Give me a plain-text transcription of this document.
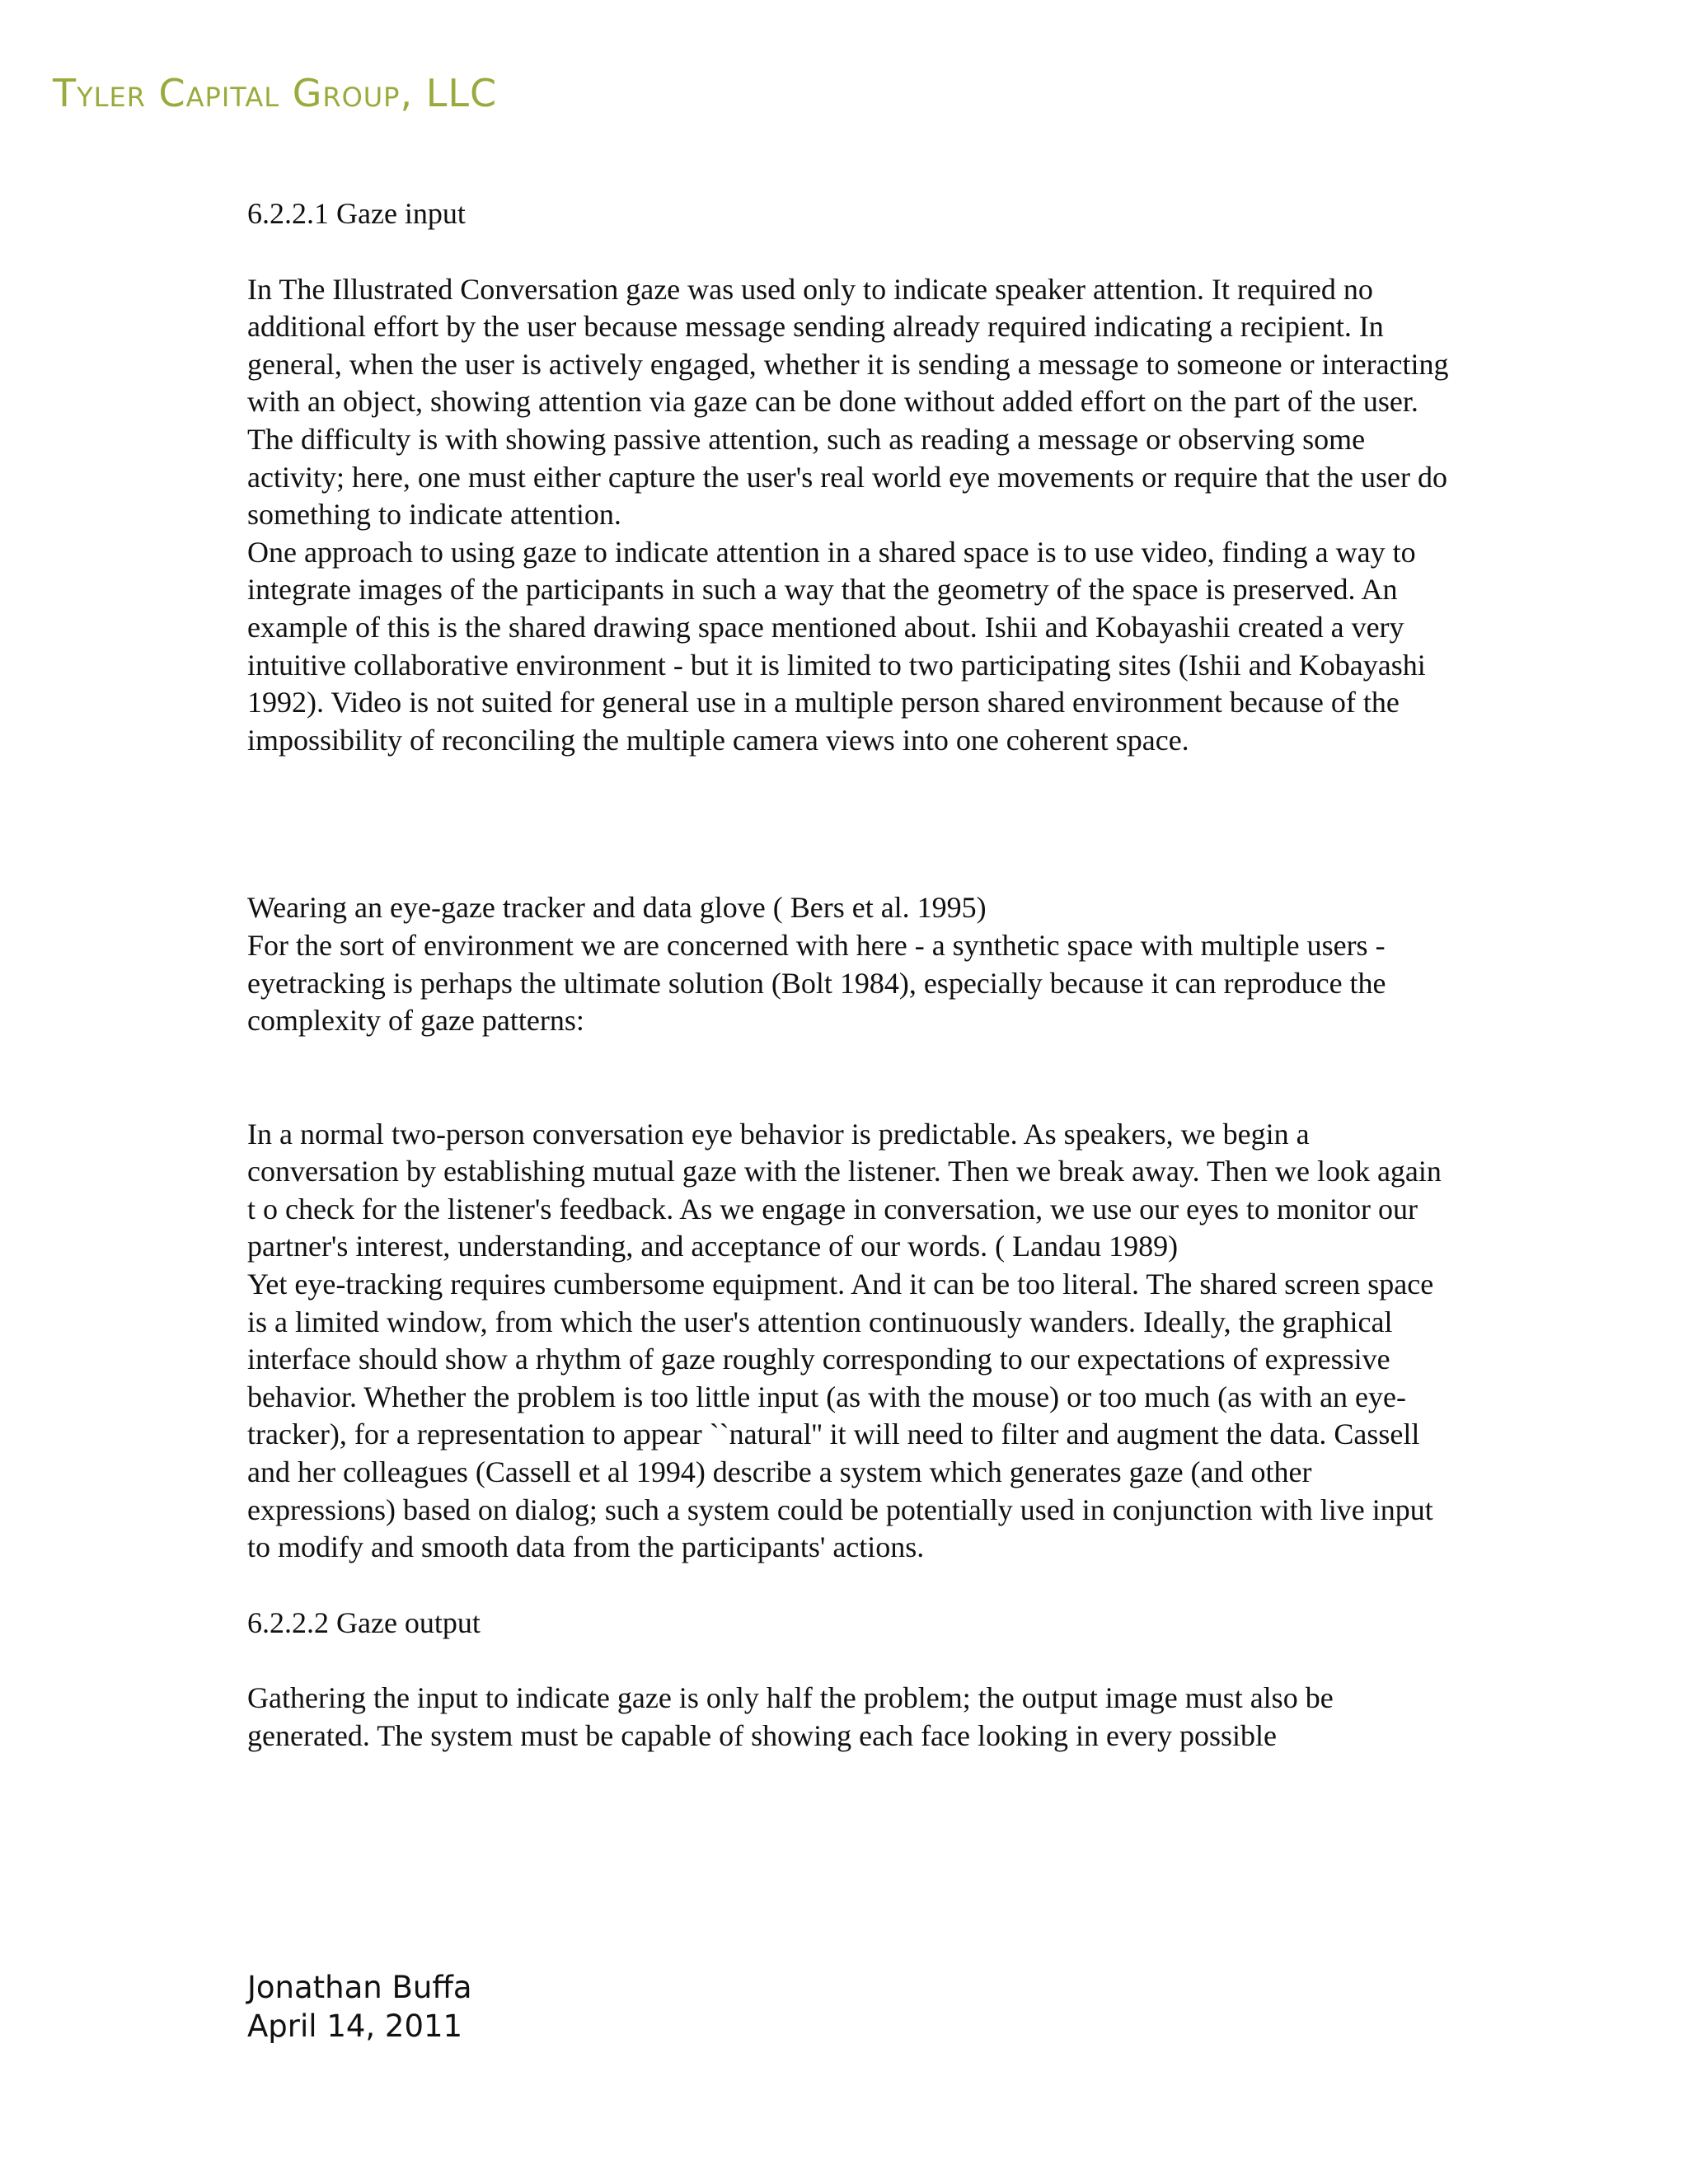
Tyler Capital Group, LLC
6.2.2.1 Gaze input

In The Illustrated Conversation gaze was used only to indicate speaker attention. It required no additional effort by the user because message sending already required indicating a recipient. In general, when the user is actively engaged, whether it is sending a message to someone or interacting with an object, showing attention via gaze can be done without added effort on the part of the user. The difficulty is with showing passive attention, such as reading a message or observing some activity; here, one must either capture the user's real world eye movements or require that the user do something to indicate attention.

One approach to using gaze to indicate attention in a shared space is to use video, finding a way to integrate images of the participants in such a way that the geometry of the space is preserved. An example of this is the shared drawing space mentioned about. Ishii and Kobayashii created a very intuitive collaborative environment - but it is limited to two participating sites (Ishii and Kobayashi 1992). Video is not suited for general use in a multiple person shared environment because of the impossibility of reconciling the multiple camera views into one coherent space.

Wearing an eye-gaze tracker and data glove ( Bers et al. 1995)

For the sort of environment we are concerned with here - a synthetic space with multiple users - eyetracking is perhaps the ultimate solution (Bolt 1984), especially because it can reproduce the complexity of gaze patterns:

In a normal two-person conversation eye behavior is predictable. As speakers, we begin a conversation by establishing mutual gaze with the listener. Then we break away. Then we look again t o check for the listener's feedback. As we engage in conversation, we use our eyes to monitor our partner's interest, understanding, and acceptance of our words. ( Landau 1989)

Yet eye-tracking requires cumbersome equipment. And it can be too literal. The shared screen space is a limited window, from which the user's attention continuously wanders. Ideally, the graphical interface should show a rhythm of gaze roughly corresponding to our expectations of expressive behavior. Whether the problem is too little input (as with the mouse) or too much (as with an eye-tracker), for a representation to appear ``natural'' it will need to filter and augment the data. Cassell and her colleagues (Cassell et al 1994) describe a system which generates gaze (and other expressions) based on dialog; such a system could be potentially used in conjunction with live input to modify and smooth data from the participants' actions.

6.2.2.2 Gaze output

Gathering the input to indicate gaze is only half the problem; the output image must also be generated. The system must be capable of showing each face looking in every possible

Jonathan Buffa
April 14, 2011
